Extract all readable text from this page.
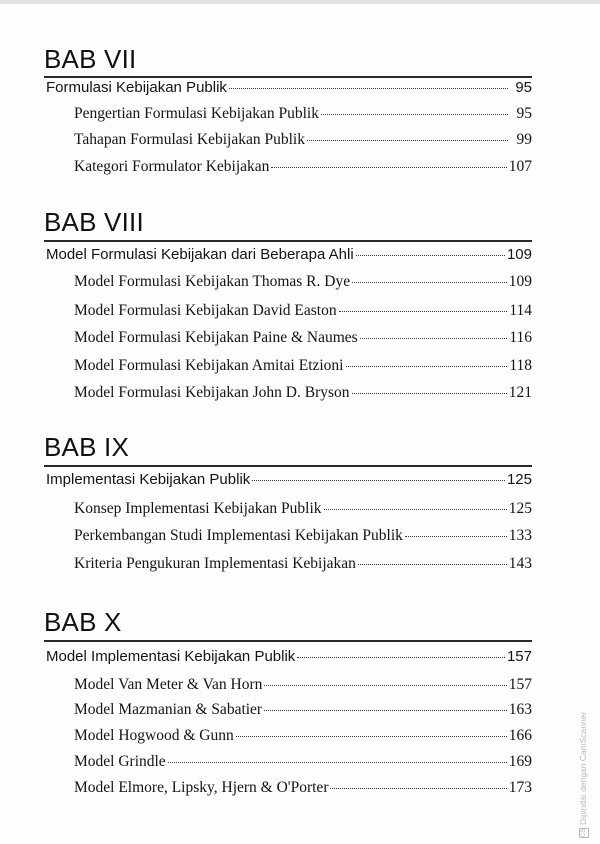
BAB VII
Formulasi Kebijakan Publik	95
Pengertian Formulasi Kebijakan Publik	95
Tahapan Formulasi Kebijakan Publik	99
Kategori Formulator Kebijakan	107
BAB VIII
Model Formulasi Kebijakan dari Beberapa Ahli	109
Model Formulasi Kebijakan Thomas R. Dye	109
Model Formulasi Kebijakan David Easton	114
Model Formulasi Kebijakan Paine & Naumes	116
Model Formulasi Kebijakan Amitai Etzioni	118
Model Formulasi Kebijakan John D. Bryson	121
BAB IX
Implementasi Kebijakan Publik	125
Konsep Implementasi Kebijakan Publik	125
Perkembangan Studi Implementasi Kebijakan Publik	133
Kriteria Pengukuran Implementasi Kebijakan	143
BAB X
Model Implementasi Kebijakan Publik	157
Model Van Meter & Van Horn	157
Model Mazmanian & Sabatier	163
Model Hogwood & Gunn	166
Model Grindle	169
Model Elmore, Lipsky, Hjern & O'Porter	173
CSDipindai dengan CamScanner
